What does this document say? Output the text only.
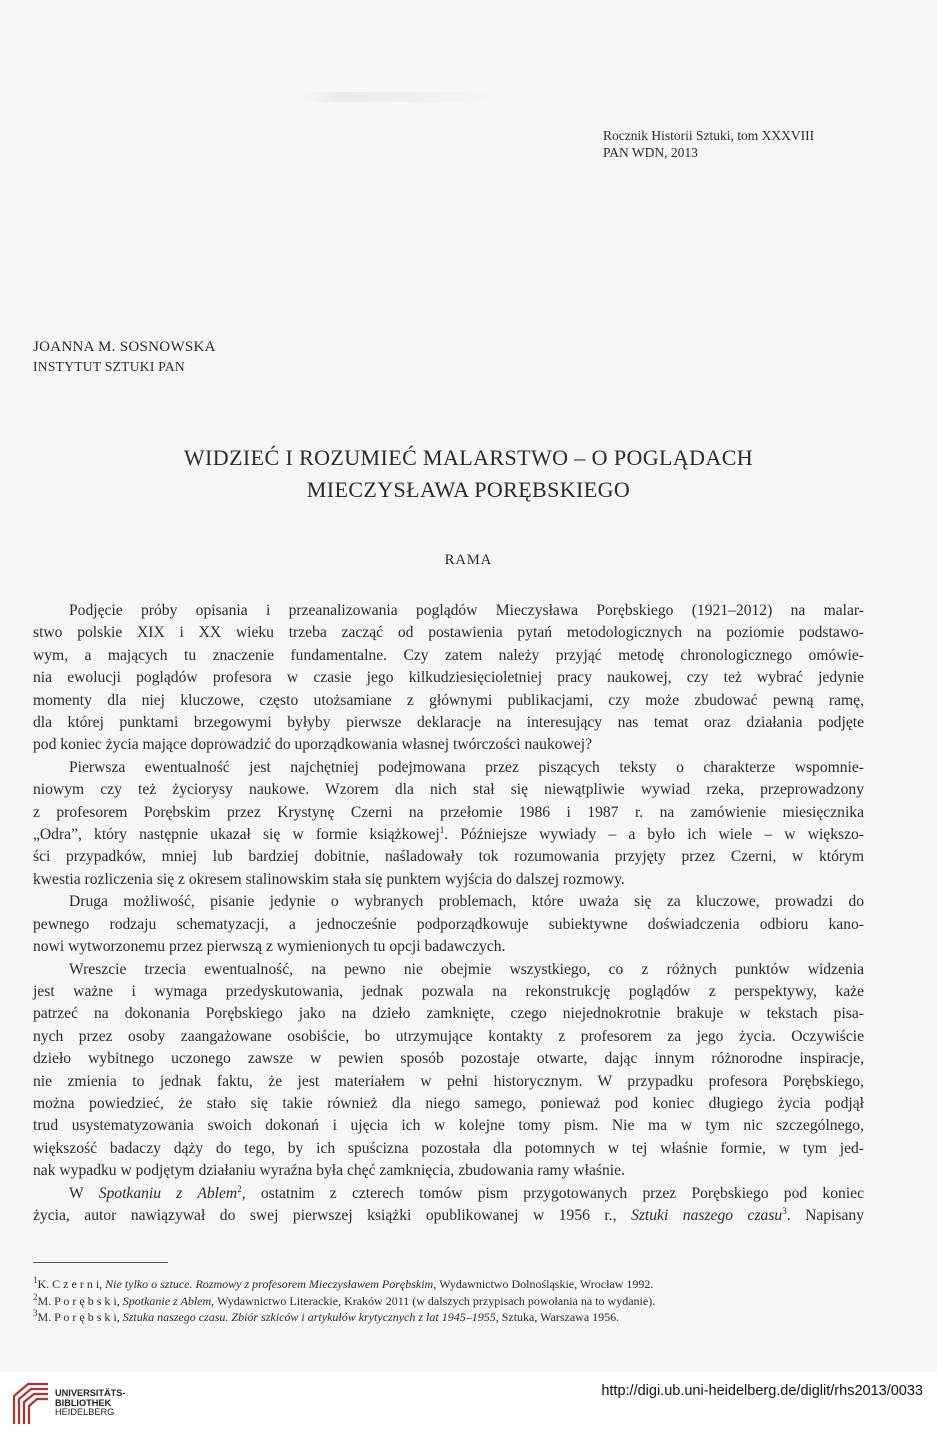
Rocznik Historii Sztuki, tom XXXVIII
PAN WDN, 2013
JOANNA M. SOSNOWSKA
INSTYTUT SZTUKI PAN
WIDZIEĆ I ROZUMIEĆ MALARSTWO – O POGLĄDACH
MIECZYSŁAWA PORĘBSKIEGO
RAMA

Podjęcie próby opisania i przeanalizowania poglądów Mieczysława Porębskiego (1921–2012) na malar-
stwo polskie XIX i XX wieku trzeba zacząć od postawienia pytań metodologicznych na poziomie podstawo-
wym, a mających tu znaczenie fundamentalne. Czy zatem należy przyjąć metodę chronologicznego omówie-
nia ewolucji poglądów profesora w czasie jego kilkudziesięcioletniej pracy naukowej, czy też wybrać jedynie
momenty dla niej kluczowe, często utożsamiane z głównymi publikacjami, czy może zbudować pewną ramę,
dla której punktami brzegowymi byłyby pierwsze deklaracje na interesujący nas temat oraz działania podjęte
pod koniec życia mające doprowadzić do uporządkowania własnej twórczości naukowej?

Pierwsza ewentualność jest najchętniej podejmowana przez piszących teksty o charakterze wspomnie-
niowym czy też życiorysy naukowe. Wzorem dla nich stał się niewątpliwie wywiad rzeka, przeprowadzony
z profesorem Porębskim przez Krystynę Czerni na przełomie 1986 i 1987 r. na zamówienie miesięcznika
„Odra”, który następnie ukazał się w formie książkowej$^1$. Późniejsze wywiady – a było ich wiele – w większo-
ści przypadków, mniej lub bardziej dobitnie, naśladowały tok rozumowania przyjęty przez Czerni, w którym
kwestia rozliczenia się z okresem stalinowskim stała się punktem wyjścia do dalszej rozmowy.

Druga możliwość, pisanie jedynie o wybranych problemach, które uważa się za kluczowe, prowadzi do
pewnego rodzaju schematyzacji, a jednocześnie podporządkowuje subiektywne doświadczenia odbioru kano-
nowi wytworzonemu przez pierwszą z wymienionych tu opcji badawczych.

Wreszcie trzecia ewentualność, na pewno nie obejmie wszystkiego, co z różnych punktów widzenia
jest ważne i wymaga przedyskutowania, jednak pozwala na rekonstrukcję poglądów z perspektywy, każe
patrzeć na dokonania Porębskiego jako na dzieło zamknięte, czego niejednokrotnie brakuje w tekstach pisa-
nych przez osoby zaangażowane osobiście, bo utrzymujące kontakty z profesorem za jego życia. Oczywiście
dzieło wybitnego uczonego zawsze w pewien sposób pozostaje otwarte, dając innym różnorodne inspiracje,
nie zmienia to jednak faktu, że jest materiałem w pełni historycznym. W przypadku profesora Porębskiego,
można powiedzieć, że stało się takie również dla niego samego, ponieważ pod koniec długiego życia podjął
trud usystematyzowania swoich dokonań i ujęcia ich w kolejne tomy pism. Nie ma w tym nic szczególnego,
większość badaczy dąży do tego, by ich spuścizna pozostała dla potomnych w tej właśnie formie, w tym jed-
nak wypadku w podjętym działaniu wyraźna była chęć zamknięcia, zbudowania ramy właśnie.

W Spotkaniu z Ablem$^2$, ostatnim z czterech tomów pism przygotowanych przez Porębskiego pod koniec
życia, autor nawiązywał do swej pierwszej książki opublikowanej w 1956 r., Sztuki naszego czasu$^3$. Napisany

$^1$K. C z e r n i, Nie tylko o sztuce. Rozmowy z profesorem Mieczysławem Porębskim, Wydawnictwo Dolnośląskie, Wrocław 1992.
$^2$M. P o r ę b s k i, Spotkanie z Ablem, Wydawnictwo Literackie, Kraków 2011 (w dalszych przypisach powołania na to wydanie).
$^3$M. P o r ę b s k i, Sztuka naszego czasu. Zbiór szkiców i artykułów krytycznych z lat 1945–1955, Sztuka, Warszawa 1956.
UNIVERSITÄTS-
BIBLIOTHEK
HEIDELBERG
http://digi.ub.uni-heidelberg.de/diglit/rhs2013/0033
